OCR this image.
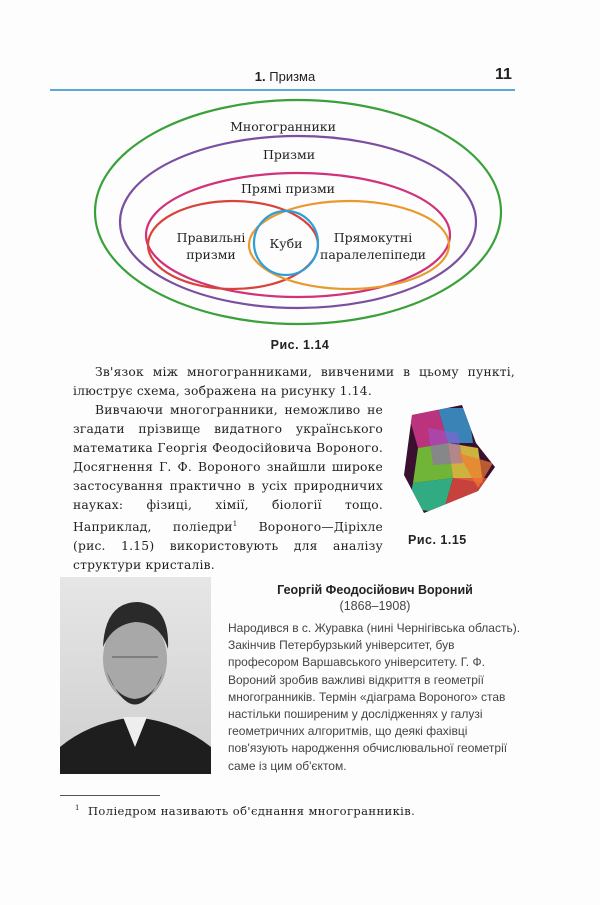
1. Призма	11
Многогранники
Призми
Прямі призми
Правильні
призми
Куби	Прямокутні
паралелепіпеди
Рис. 1.14
Зв'язок між многогранниками, вивченими в цьому пункті, ілюструє схема, зображена на рисунку 1.14.
Вивчаючи многогранники, неможливо не згадати прізвище видатного українського математика Георгія Феодосійовича Вороного. Досягнення Г. Ф. Вороного знайшли широке застосування практично в усіх природничих науках: фізиці, хімії, біології тощо. Наприклад, поліедри$^1$ Вороного—Діріхле (рис. 1.15) використовують для аналізу структури кристалів.
Рис. 1.15
Георгій Феодосійович Вороний
(1868–1908)
Народився в с. Журавка (нині Чернігівська область). Закінчив Петербурзький університет, був професором Варшавського університету. Г. Ф. Вороний зробив важливі відкриття в геометрії многогранників. Термін «діаграма Вороного» став настільки поширеним у дослідженнях у галузі геометричних алгоритмів, що деякі фахівці пов'язують народження обчислювальної геометрії саме із цим об'єктом.
$^1$ Поліедром називають об'єднання многогранників.
